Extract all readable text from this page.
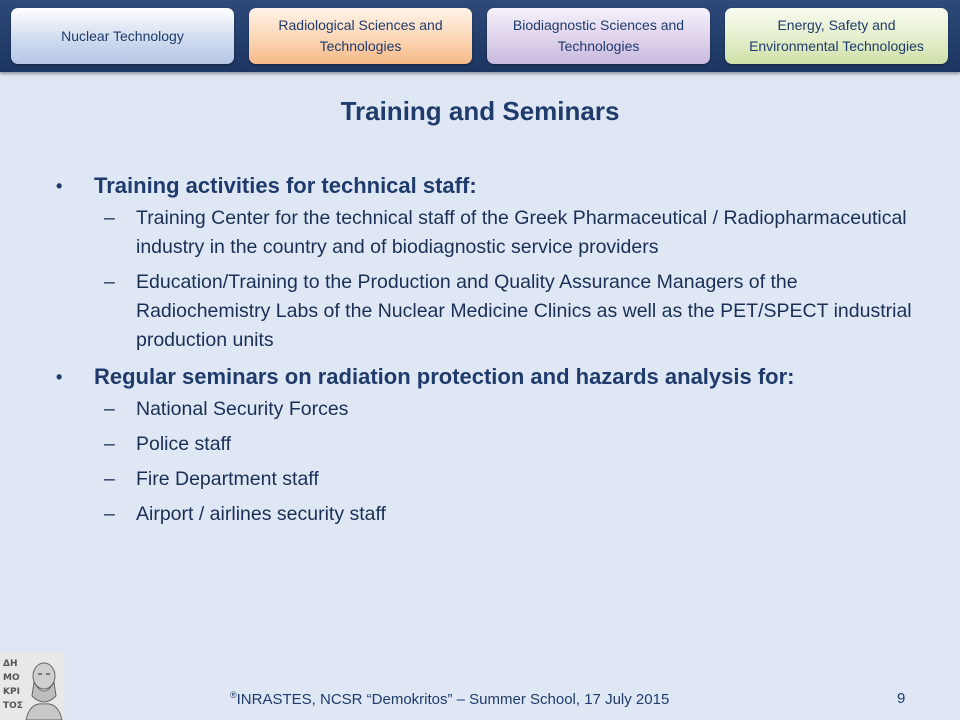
Nuclear Technology
Radiological Sciences and Technologies
Biodiagnostic Sciences and Technologies
Energy, Safety and Environmental Technologies
Training and Seminars
• Training activities for technical staff:
– Training Center for the technical staff of the Greek Pharmaceutical / Radiopharmaceutical industry in the country and of biodiagnostic service providers
– Education/Training to the Production and Quality Assurance Managers of the Radiochemistry Labs of the Nuclear Medicine Clinics as well as the PET/SPECT industrial production units
• Regular seminars on radiation protection and hazards analysis for:
– National Security Forces
– Police staff
– Fire Department staff
– Airport / airlines security staff
ΔΗ
ΜΟ
ΚΡΙ
ΤΟΣ
®INRASTES, NCSR “Demokritos” – Summer School, 17 July 2015	9
